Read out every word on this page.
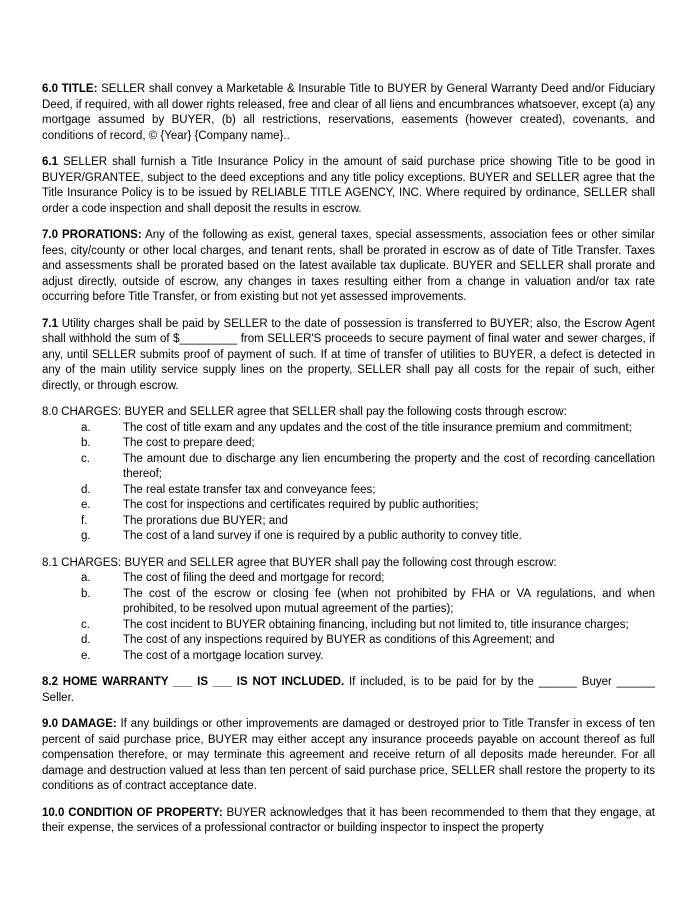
6.0 TITLE: SELLER shall convey a Marketable & Insurable Title to BUYER by General Warranty Deed and/or Fiduciary Deed, if required, with all dower rights released, free and clear of all liens and encumbrances whatsoever, except (a) any mortgage assumed by BUYER, (b) all restrictions, reservations, easements (however created), covenants, and conditions of record, © {Year} {Company name}..

6.1 SELLER shall furnish a Title Insurance Policy in the amount of said purchase price showing Title to be good in BUYER/GRANTEE, subject to the deed exceptions and any title policy exceptions. BUYER and SELLER agree that the Title Insurance Policy is to be issued by RELIABLE TITLE AGENCY, INC. Where required by ordinance, SELLER shall order a code inspection and shall deposit the results in escrow.

7.0 PRORATIONS: Any of the following as exist, general taxes, special assessments, association fees or other similar fees, city/county or other local charges, and tenant rents, shall be prorated in escrow as of date of Title Transfer. Taxes and assessments shall be prorated based on the latest available tax duplicate. BUYER and SELLER shall prorate and adjust directly, outside of escrow, any changes in taxes resulting either from a change in valuation and/or tax rate occurring before Title Transfer, or from existing but not yet assessed improvements.

7.1 Utility charges shall be paid by SELLER to the date of possession is transferred to BUYER; also, the Escrow Agent shall withhold the sum of $_________ from SELLER'S proceeds to secure payment of final water and sewer charges, if any, until SELLER submits proof of payment of such. If at time of transfer of utilities to BUYER, a defect is detected in any of the main utility service supply lines on the property, SELLER shall pay all costs for the repair of such, either directly, or through escrow.

8.0 CHARGES: BUYER and SELLER agree that SELLER shall pay the following costs through escrow:

a.	The cost of title exam and any updates and the cost of the title insurance premium and commitment;
b.	The cost to prepare deed;
c.	The amount due to discharge any lien encumbering the property and the cost of recording cancellation thereof;
d.	The real estate transfer tax and conveyance fees;
e.	The cost for inspections and certificates required by public authorities;
f.	The prorations due BUYER; and
g.	The cost of a land survey if one is required by a public authority to convey title.

8.1 CHARGES: BUYER and SELLER agree that BUYER shall pay the following cost through escrow:

a.	The cost of filing the deed and mortgage for record;
b.	The cost of the escrow or closing fee (when not prohibited by FHA or VA regulations, and when prohibited, to be resolved upon mutual agreement of the parties);
c.	The cost incident to BUYER obtaining financing, including but not limited to, title insurance charges;
d.	The cost of any inspections required by BUYER as conditions of this Agreement; and
e.	The cost of a mortgage location survey.

8.2 HOME WARRANTY ___ IS ___ IS NOT INCLUDED. If included, is to be paid for by the ______ Buyer ______ Seller.

9.0 DAMAGE: If any buildings or other improvements are damaged or destroyed prior to Title Transfer in excess of ten percent of said purchase price, BUYER may either accept any insurance proceeds payable on account thereof as full compensation therefore, or may terminate this agreement and receive return of all deposits made hereunder. For all damage and destruction valued at less than ten percent of said purchase price, SELLER shall restore the property to its conditions as of contract acceptance date.

10.0 CONDITION OF PROPERTY: BUYER acknowledges that it has been recommended to them that they engage, at their expense, the services of a professional contractor or building inspector to inspect the property
